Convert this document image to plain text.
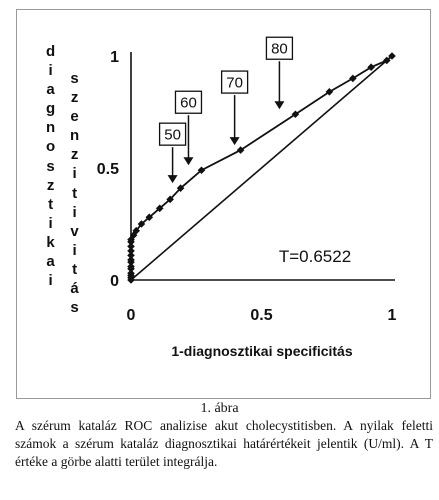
50
60
70
80
0	0.5	1
0
0.5
1
T=0.6522
d
i
a
g
n
o
s
z
t
i
k
a
i
s
z
e
n
z
i
t
i
v
i
t
á
s
1-diagnosztikai specificitás
1. ábra
A szérum kataláz ROC analizise akut cholecystitisben. A nyilak feletti számok a szérum kataláz diagnosztikai határértékeit jelentik (U/ml). A T értéke a görbe alatti terület integrálja.
